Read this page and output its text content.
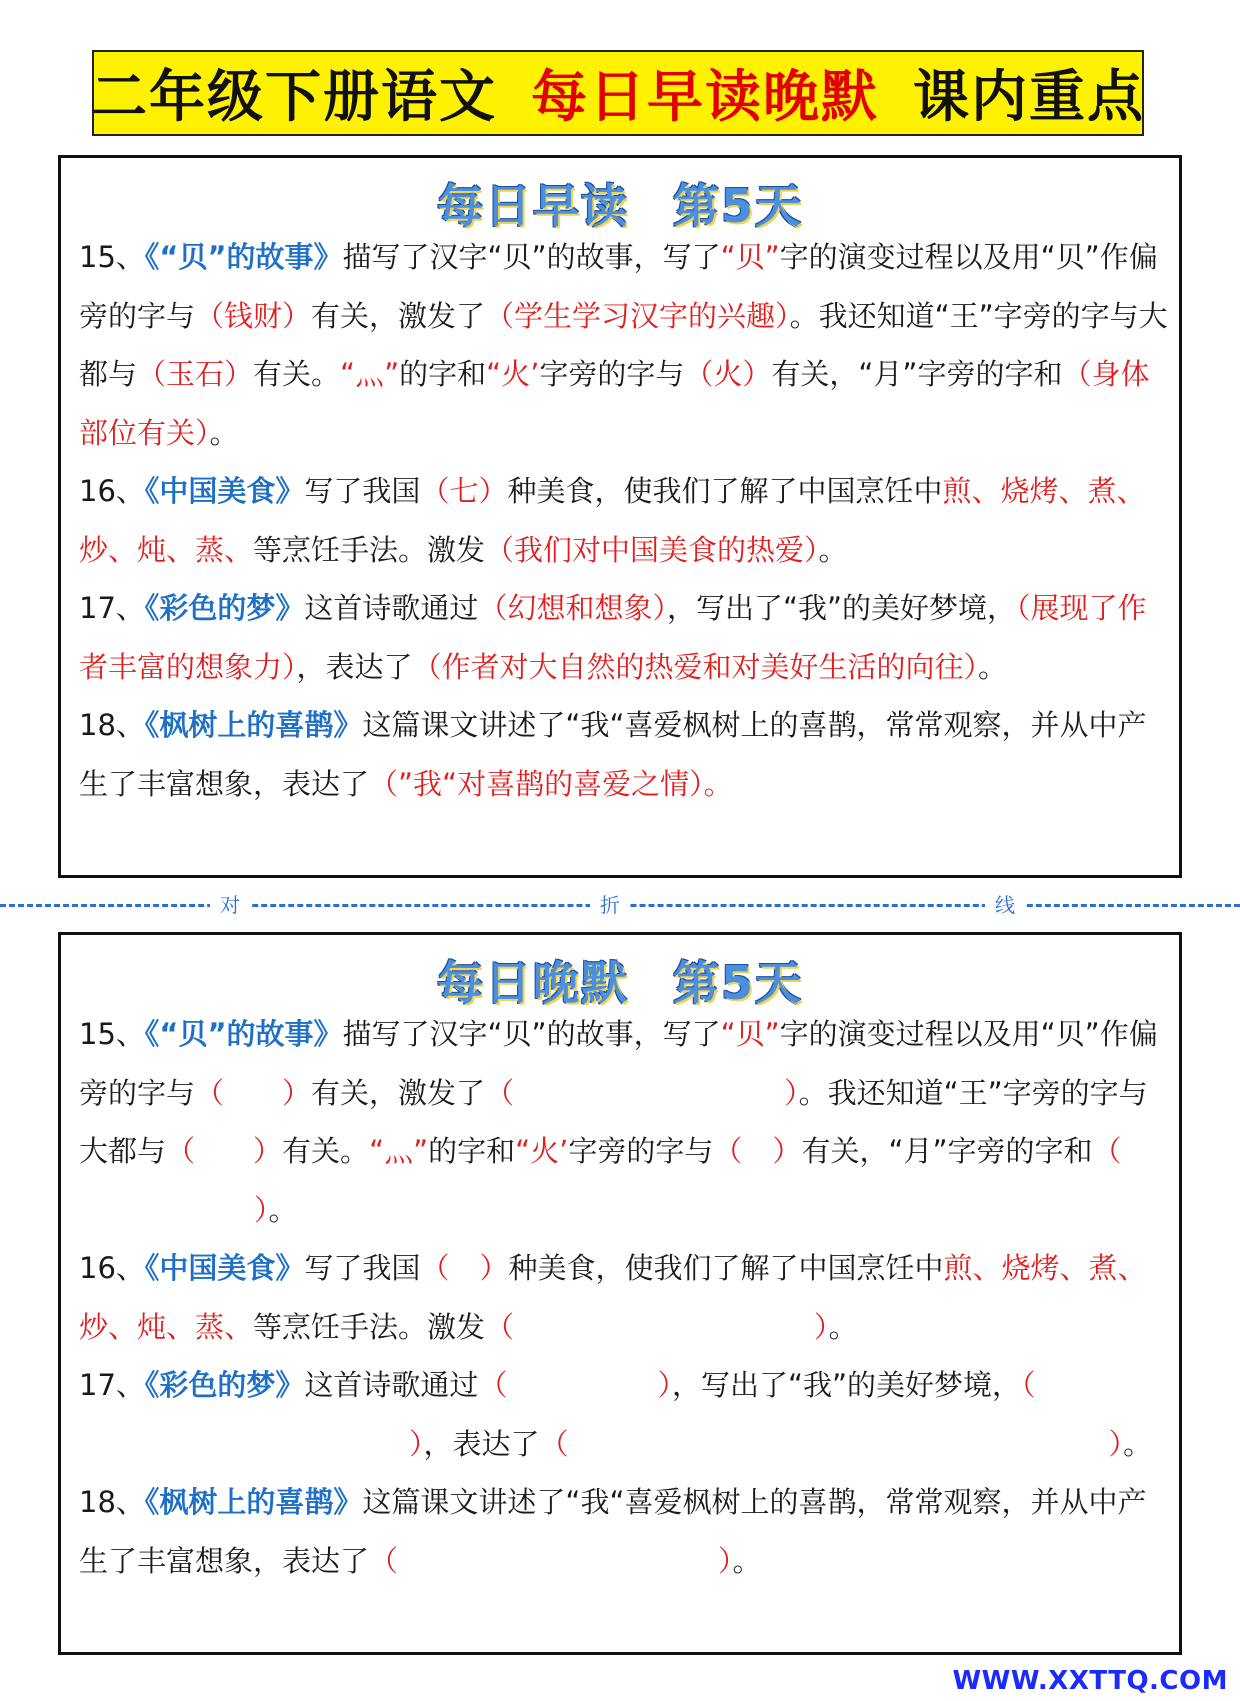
二年级下册语文 每日早读晚默 课内重点
每日早读 第5天

15、《“贝”的故事》描写了汉字“贝”的故事，写了“贝”字的演变过程以及用“贝”作偏旁的字与（钱财）有关，激发了（学生学习汉字的兴趣）。我还知道“王”字旁的字与大都与（玉石）有关。“灬”的字和“火’字旁的字与（火）有关，“月”字旁的字和（身体部位有关）。

16、《中国美食》写了我国（七）种美食，使我们了解了中国烹饪中煎、烧烤、煮、炒、炖、蒸、等烹饪手法。激发（我们对中国美食的热爱）。

17、《彩色的梦》这首诗歌通过（幻想和想象），写出了“我”的美好梦境，（展现了作者丰富的想象力），表达了（作者对大自然的热爱和对美好生活的向往）。

18、《枫树上的喜鹊》这篇课文讲述了“我“喜爱枫树上的喜鹊，常常观察，并从中产生了丰富想象，表达了（”我“对喜鹊的喜爱之情）。

对	折	线
每日晚默 第5天

15、《“贝”的故事》描写了汉字“贝”的故事，写了“贝”字的演变过程以及用“贝”作偏旁的字与（ ）有关，激发了（	）。我还知道“王”字旁的字与大都与（ ）有关。“灬”的字和“火’字旁的字与（ ）有关，“月”字旁的字和（）。

16、《中国美食》写了我国（ ）种美食，使我们了解了中国烹饪中煎、烧烤、煮、炒、炖、蒸、等烹饪手法。激发（	）。

17、《彩色的梦》这首诗歌通过（	），写出了“我”的美好梦境，（），表达了（	）。

18、《枫树上的喜鹊》这篇课文讲述了“我“喜爱枫树上的喜鹊，常常观察，并从中产生了丰富想象，表达了（	）。

WWW.XXTTQ.COM
